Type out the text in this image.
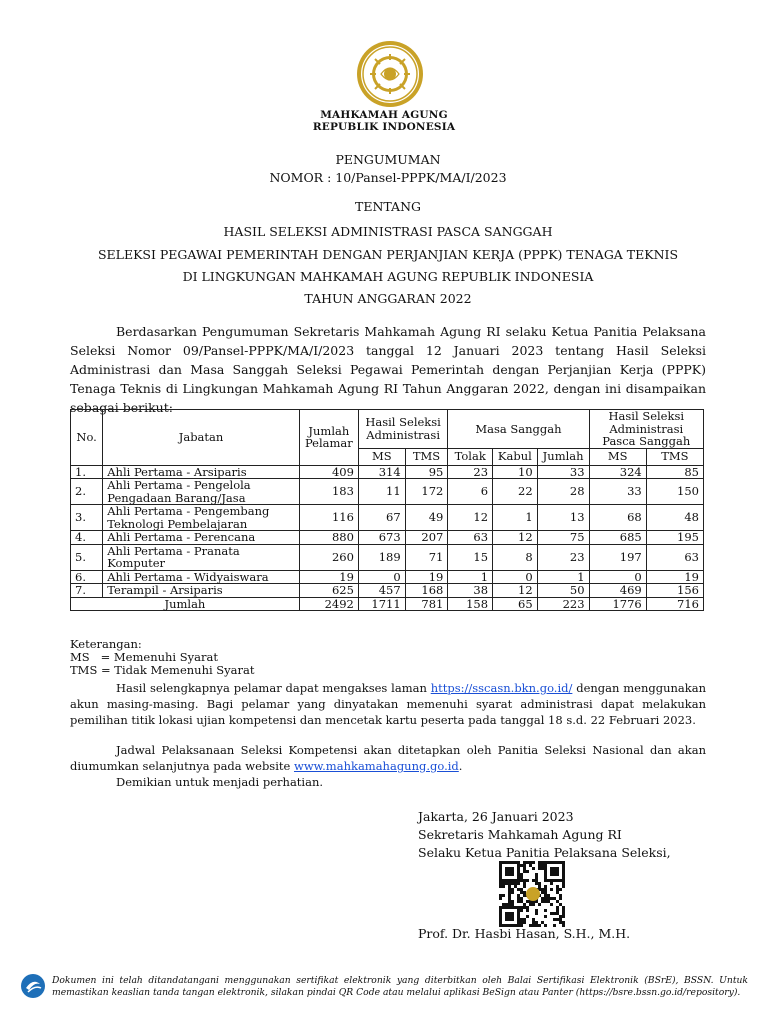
MAHKAMAH AGUNG
REPUBLIK INDONESIA
PENGUMUMAN
NOMOR : 10/Pansel-PPPK/MA/I/2023
TENTANG
HASIL SELEKSI ADMINISTRASI PASCA SANGGAH
SELEKSI PEGAWAI PEMERINTAH DENGAN PERJANJIAN KERJA (PPPK) TENAGA TEKNIS
DI LINGKUNGAN MAHKAMAH AGUNG REPUBLIK INDONESIA
TAHUN ANGGARAN 2022
Berdasarkan Pengumuman Sekretaris Mahkamah Agung RI selaku Ketua Panitia Pelaksana Seleksi Nomor 09/Pansel-PPPK/MA/I/2023 tanggal 12 Januari 2023 tentang Hasil Seleksi Administrasi dan Masa Sanggah Seleksi Pegawai Pemerintah dengan Perjanjian Kerja (PPPK) Tenaga Teknis di Lingkungan Mahkamah Agung RI Tahun Anggaran 2022, dengan ini disampaikan sebagai berikut:
No.	Jabatan	Jumlah Pelamar	Hasil Seleksi Administrasi		Masa Sanggah			Hasil Seleksi Administrasi Pasca Sanggah	
			MS	TMS	Tolak	Kabul	Jumlah	MS	TMS
1.	Ahli Pertama - Arsiparis	409	314	95	23	10	33	324	85
2.	Ahli Pertama - Pengelola Pengadaan Barang/Jasa	183	11	172	6	22	28	33	150
3.	Ahli Pertama - Pengembang Teknologi Pembelajaran	116	67	49	12	1	13	68	48
4.	Ahli Pertama - Perencana	880	673	207	63	12	75	685	195
5.	Ahli Pertama - Pranata Komputer	260	189	71	15	8	23	197	63
6.	Ahli Pertama - Widyaiswara	19	0	19	1	0	1	0	19
7.	Terampil - Arsiparis	625	457	168	38	12	50	469	156
Jumlah		2492	1711	781	158	65	223	1776	716
Keterangan:
MS   = Memenuhi Syarat
TMS = Tidak Memenuhi Syarat
Hasil selengkapnya pelamar dapat mengakses laman https://sscasn.bkn.go.id/ dengan menggunakan akun masing-masing. Bagi pelamar yang dinyatakan memenuhi syarat administrasi dapat melakukan pemilihan titik lokasi ujian kompetensi dan mencetak kartu peserta pada tanggal 18 s.d. 22 Februari 2023.
Jadwal Pelaksanaan Seleksi Kompetensi akan ditetapkan oleh Panitia Seleksi Nasional dan akan diumumkan selanjutnya pada website www.mahkamahagung.go.id.
Demikian untuk menjadi perhatian.
Jakarta, 26 Januari 2023
Sekretaris Mahkamah Agung RI
Selaku Ketua Panitia Pelaksana Seleksi,
Prof. Dr. Hasbi Hasan, S.H., M.H.
Dokumen ini telah ditandatangani menggunakan sertifikat elektronik yang diterbitkan oleh Balai Sertifikasi Elektronik (BSrE), BSSN. Untuk memastikan keaslian tanda tangan elektronik, silakan pindai QR Code atau melalui aplikasi BeSign atau Panter (https://bsre.bssn.go.id/repository).
